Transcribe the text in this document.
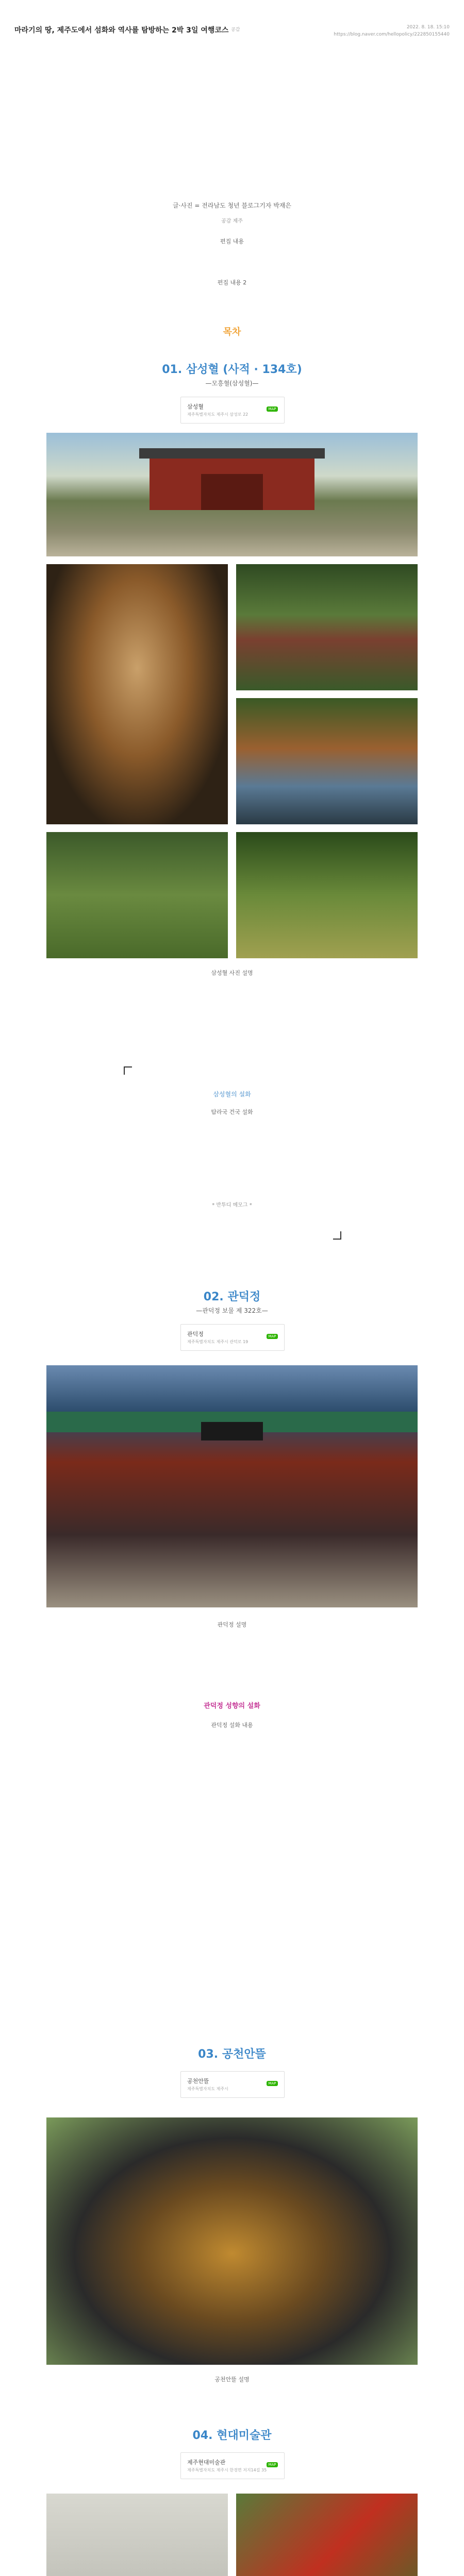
마라기의 땅, 제주도에서 섬화와 역사를 탐방하는 2박 3일 여행코스 공감	2022. 8. 18. 15:10
https://blog.naver.com/hellopolicy/222850155440
글·사진 = 전라남도 청년 블로그기자 박재은
공감 제주
편집 내용
편집 내용 2
목차
01. 삼성혈 (사적 · 134호)
—모흥혈(삼성혈)—
삼성혈
제주특별자치도 제주시 삼성로 22
MAP
삼성혈 사진 설명
삼성혈의 설화
탐라국 건국 설화
* 반투디 메모그 *
02. 관덕정
—관덕정 보물 제 322호—
관덕정
제주특별자치도 제주시 관덕로 19
MAP
관덕정 설명
관덕정 성향의 설화
관덕정 설화 내용
03. 공천안뜰
공천안뜰
제주특별자치도 제주시
MAP
공천안뜰 설명
04. 현대미술관
제주현대미술관
제주특별자치도 제주시 한경면 저지14길 35
MAP
